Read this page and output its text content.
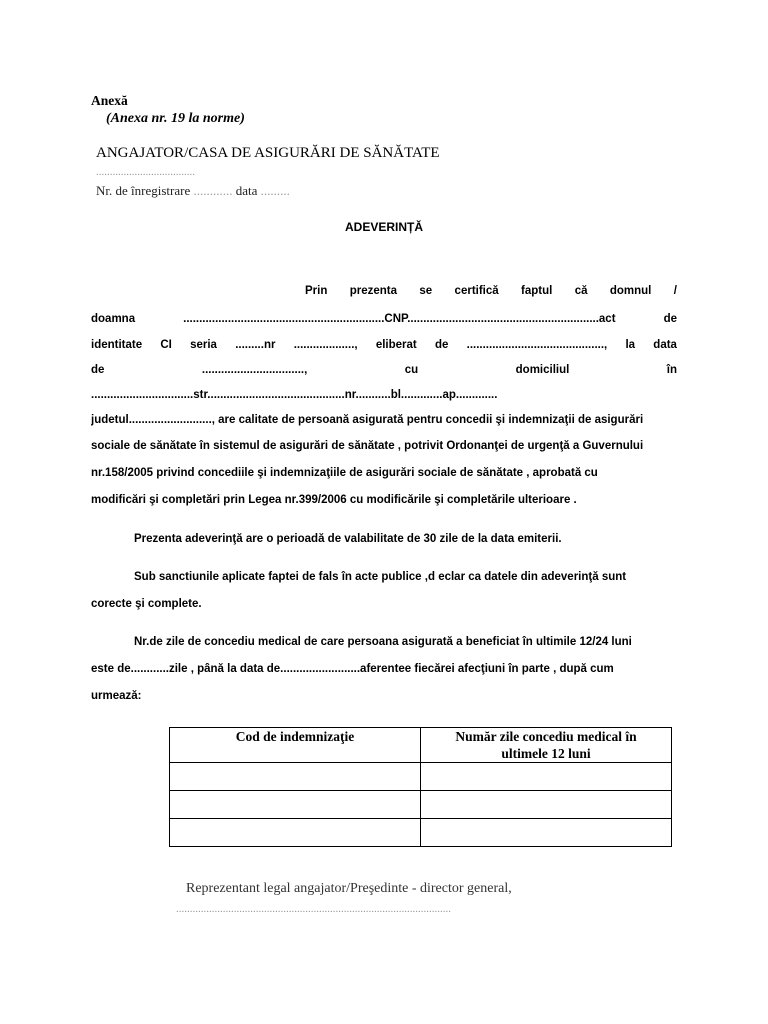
Anexă
(Anexa nr. 19 la norme)
ANGAJATOR/CASA DE ASIGURĂRI DE SĂNĂTATE
....................................
Nr. de înregistrare ............ data .........
ADEVERINȚĂ
Prin prezenta se certifică faptul că domnul /
doamna	...............................................................CNP............................................................act	de
identitate CI seria .........nr ..................., eliberat de ..........................................., la data
de	................................,	cu	domiciliul	în
................................str...........................................nr...........bl.............ap.............
judetul.........................., are calitate de persoană asigurată pentru concedii şi indemnizaţii de asigurări
sociale de sănătate în sistemul de asigurări de sănătate , potrivit Ordonanţei de urgenţă a Guvernului
nr.158/2005 privind concediile şi indemnizaţiile de asigurări sociale de sănătate , aprobată cu
modificări şi completări prin Legea nr.399/2006 cu modificările şi completările ulterioare .
Prezenta adeverinţă are o perioadă de valabilitate de 30 zile de la data emiterii.
Sub sanctiunile aplicate faptei de fals în acte publice ,d eclar ca datele din adeverinţă sunt
corecte şi complete.
Nr.de zile de concediu medical de care persoana asigurată a beneficiat în ultimile 12/24 luni
este de............zile , până la data de.........................aferentee fiecărei afecţiuni în parte , după cum
urmează:
Cod de indemnizaţie	Număr zile concediu medical în ultimele 12 luni

Reprezentant legal angajator/Preşedinte - director general,
....................................................................................................
